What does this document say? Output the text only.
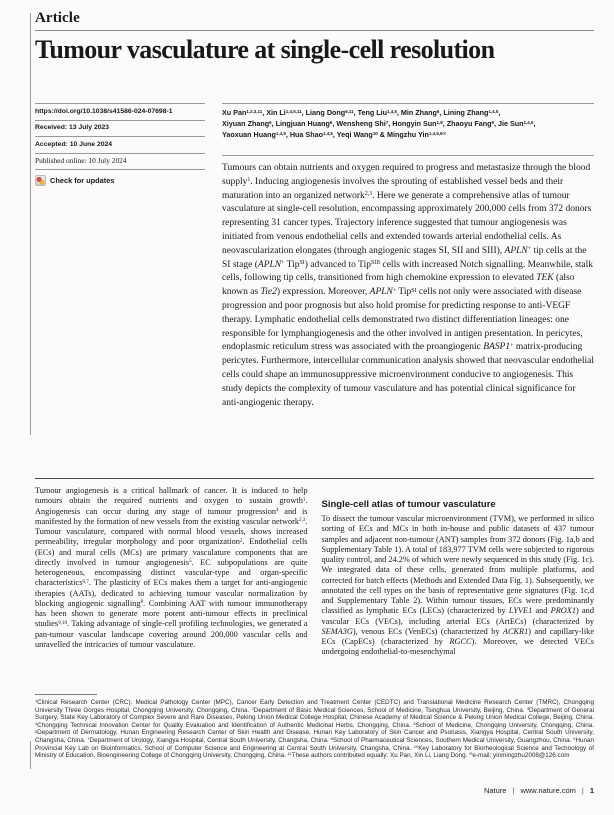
Article
Tumour vasculature at single-cell resolution
https://doi.org/10.1038/s41586-024-07698-1
Received: 13 July 2023
Accepted: 10 June 2024
Published online: 10 July 2024
Check for updates
Xu Pan$^{1,2,3,11}$, Xin Li$^{1,4,5,11}$, Liang Dong$^{6,11}$, Teng Liu$^{1,4,5}$, Min Zhang$^6$, Lining Zhang$^{1,4,5}$,
Xiyuan Zhang$^6$, Lingjuan Huang$^6$, Wensheng Shi$^7$, Hongyin Sun$^{1,8}$, Zhaoyu Fang$^9$, Jie Sun$^{1,4,5}$,
Yaoxuan Huang$^{1,4,5}$, Hua Shao$^{1,4,5}$, Yeqi Wang$^{10}$ & Mingzhu Yin$^{1,4,5,6✉}$
Tumours can obtain nutrients and oxygen required to progress and metastasize through the blood supply$^1$. Inducing angiogenesis involves the sprouting of established vessel beds and their maturation into an organized network$^{2,3}$. Here we generate a comprehensive atlas of tumour vasculature at single-cell resolution, encompassing approximately 200,000 cells from 372 donors representing 31 cancer types. Trajectory inference suggested that tumour angiogenesis was initiated from venous endothelial cells and extended towards arterial endothelial cells. As neovascularization elongates (through angiogenic stages SI, SII and SIII), APLN+ tip cells at the SI stage (APLN+ Tip$^{SI}$) advanced to Tip$^{SIII}$ cells with increased Notch signalling. Meanwhile, stalk cells, following tip cells, transitioned from high chemokine expression to elevated TEK (also known as Tie2) expression. Moreover, APLN+ Tip$^{SI}$ cells not only were associated with disease progression and poor prognosis but also hold promise for predicting response to anti-VEGF therapy. Lymphatic endothelial cells demonstrated two distinct differentiation lineages: one responsible for lymphangiogenesis and the other involved in antigen presentation. In pericytes, endoplasmic reticulum stress was associated with the proangiogenic BASP1+ matrix-producing pericytes. Furthermore, intercellular communication analysis showed that neovascular endothelial cells could shape an immunosuppressive microenvironment conducive to angiogenesis. This study depicts the complexity of tumour vasculature and has potential clinical significance for anti-angiogenic therapy.

Tumour angiogenesis is a critical hallmark of cancer. It is induced to help tumours obtain the required nutrients and oxygen to sustain growth$^1$. Angiogenesis can occur during any stage of tumour progression$^4$ and is manifested by the formation of new vessels from the existing vascular network$^{2,3}$. Tumour vasculature, compared with normal blood vessels, shows increased permeability, irregular morphology and poor organization$^2$. Endothelial cells (ECs) and mural cells (MCs) are primary vasculature components that are directly involved in tumour angiogenesis$^5$. EC subpopulations are quite heterogeneous, encompassing distinct vascular-type and organ-specific characteristics$^{6,7}$. The plasticity of ECs makes them a target for anti-angiogenic therapies (AATs), dedicated to achieving tumour vascular normalization by blocking angiogenic signalling$^8$. Combining AAT with tumour immunotherapy has been shown to generate more potent anti-tumour effects in preclinical studies$^{9,10}$. Taking advantage of single-cell profiling technologies, we generated a pan-tumour vascular landscape covering around 200,000 vascular cells and unravelled the intricacies of tumour vasculature.

Single-cell atlas of tumour vasculature

To dissect the tumour vascular microenvironment (TVM), we performed in silico sorting of ECs and MCs in both in-house and public datasets of 437 tumour samples and adjacent non-tumour (ANT) samples from 372 donors (Fig. 1a,b and Supplementary Table 1). A total of 183,977 TVM cells were subjected to rigorous quality control, and 24.2% of which were newly sequenced in this study (Fig. 1c). We integrated data of these cells, generated from multiple platforms, and corrected for batch effects (Methods and Extended Data Fig. 1). Subsequently, we annotated the cell types on the basis of representative gene signatures (Fig. 1c,d and Supplementary Table 2). Within tumour tissues, ECs were predominantly classified as lymphatic ECs (LECs) (characterized by LYVE1 and PROX1) and vascular ECs (VECs), including arterial ECs (ArtECs) (characterized by SEMA3G), venous ECs (VenECs) (characterized by ACKR1) and capillary-like ECs (CapECs) (characterized by RGCC). Moreover, we detected VECs undergoing endothelial-to-mesenchymal

$^1$Clinical Research Center (CRC), Medical Pathology Center (MPC), Cancer Early Detection and Treatment Center (CEDTC) and Translational Medicine Research Center (TMRC), Chongqing University Three Gorges Hospital, Chongqing University, Chongqing, China. $^2$Department of Basic Medical Sciences, School of Medicine, Tsinghua University, Beijing, China. $^3$Department of General Surgery, State Key Laboratory of Complex Severe and Rare Diseases, Peking Union Medical College Hospital, Chinese Academy of Medical Science & Peking Union Medical College, Beijing, China. $^4$Chongqing Technical Innovation Center for Quality Evaluation and Identification of Authentic Medicinal Herbs, Chongqing, China. $^5$School of Medicine, Chongqing University, Chongqing, China. $^6$Department of Dermatology, Hunan Engineering Research Center of Skin Health and Disease, Hunan Key Laboratory of Skin Cancer and Psoriasis, Xiangya Hospital, Central South University, Changsha, China. $^7$Department of Urology, Xiangya Hospital, Central South University, Changsha, China. $^8$School of Pharmaceutical Sciences, Southern Medical University, Guangzhou, China. $^9$Hunan Provincial Key Lab on Bioinformatics, School of Computer Science and Engineering at Central South University, Changsha, China. $^{10}$Key Laboratory for Biorheological Science and Technology of Ministry of Education, Bioengineering College of Chongqing University, Chongqing, China. $^{11}$These authors contributed equally: Xu Pan, Xin Li, Liang Dong. ✉e-mail: yinmingzhu2008@126.com
Nature | www.nature.com | 1
